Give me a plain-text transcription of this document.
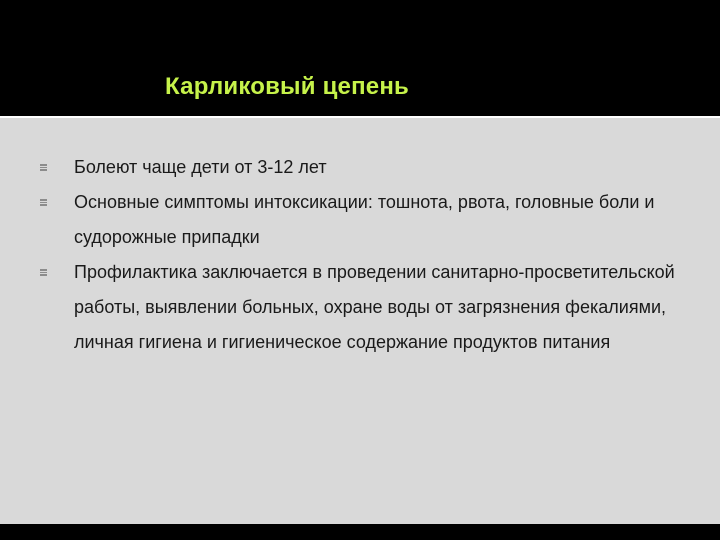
Карликовый цепень
Болеют чаще дети от 3-12 лет
Основные симптомы интоксикации: тошнота, рвота, головные боли и судорожные припадки
Профилактика заключается в проведении санитарно-просветительской работы, выявлении больных, охране воды от загрязнения фекалиями, личная гигиена и гигиеническое содержание продуктов питания
